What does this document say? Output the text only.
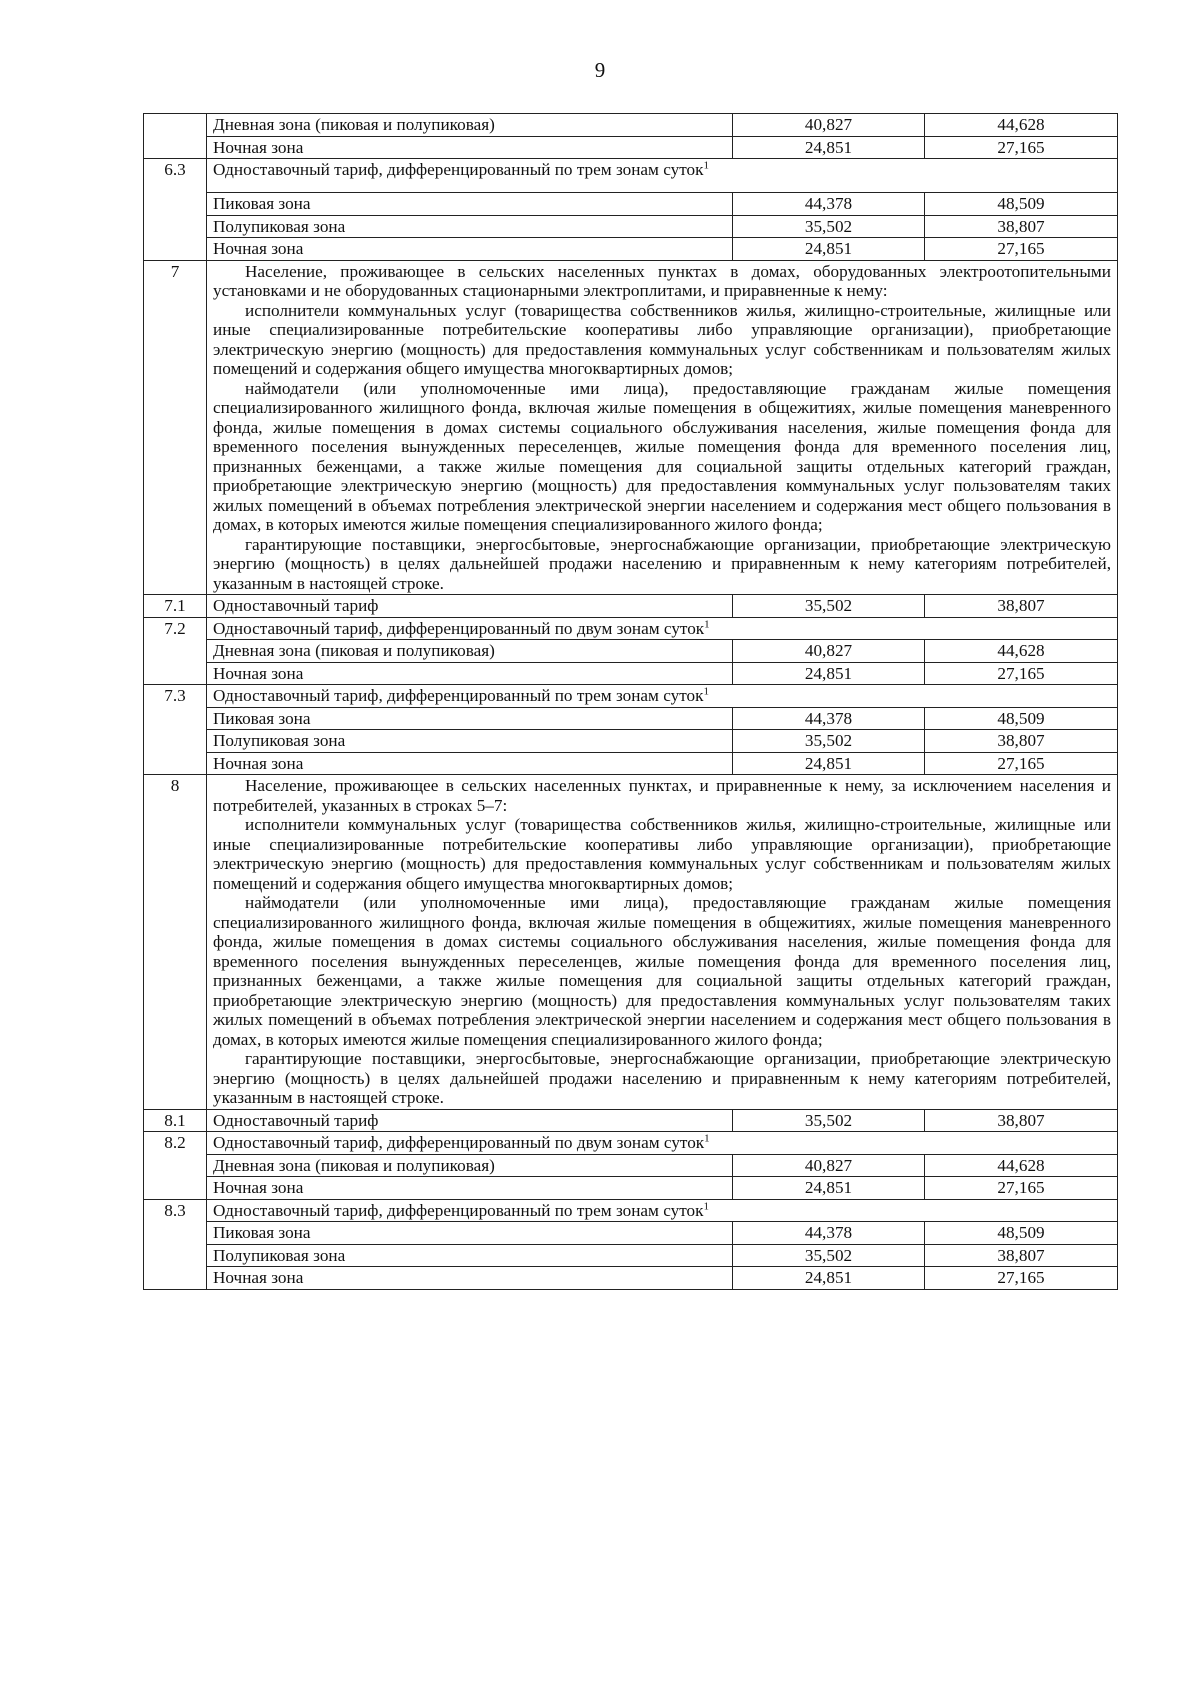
9
	Дневная зона (пиковая и полупиковая)	40,827	44,628
	Ночная зона	24,851	27,165
6.3	Одноставочный тариф, дифференцированный по трем зонам суток$^1$
	Пиковая зона	44,378	48,509
	Полупиковая зона	35,502	38,807
	Ночная зона	24,851	27,165
7	Население, проживающее в сельских населенных пунктах в домах, оборудованных электроотопительными установками и не оборудованных стационарными электроплитами, и приравненные к нему:

исполнители коммунальных услуг (товарищества собственников жилья, жилищно-строительные, жилищные или иные специализированные потребительские кооперативы либо управляющие организации), приобретающие электрическую энергию (мощность) для предоставления коммунальных услуг собственникам и пользователям жилых помещений и содержания общего имущества многоквартирных домов;

наймодатели (или уполномоченные ими лица), предоставляющие гражданам жилые помещения специализированного жилищного фонда, включая жилые помещения в общежитиях, жилые помещения маневренного фонда, жилые помещения в домах системы социального обслуживания населения, жилые помещения фонда для временного поселения вынужденных переселенцев, жилые помещения фонда для временного поселения лиц, признанных беженцами, а также жилые помещения для социальной защиты отдельных категорий граждан, приобретающие электрическую энергию (мощность) для предоставления коммунальных услуг пользователям таких жилых помещений в объемах потребления электрической энергии населением и содержания мест общего пользования в домах, в которых имеются жилые помещения специализированного жилого фонда;

гарантирующие поставщики, энергосбытовые, энергоснабжающие организации, приобретающие электрическую энергию (мощность) в целях дальнейшей продажи населению и приравненным к нему категориям потребителей, указанным в настоящей строке.		

7.1	Одноставочный тариф	35,502	38,807
7.2	Одноставочный тариф, дифференцированный по двум зонам суток$^1$
	Дневная зона (пиковая и полупиковая)	40,827	44,628
	Ночная зона	24,851	27,165
7.3	Одноставочный тариф, дифференцированный по трем зонам суток$^1$
	Пиковая зона	44,378	48,509
	Полупиковая зона	35,502	38,807
	Ночная зона	24,851	27,165
8	Население, проживающее в сельских населенных пунктах, и приравненные к нему, за исключением населения и потребителей, указанных в строках 5–7:

исполнители коммунальных услуг (товарищества собственников жилья, жилищно-строительные, жилищные или иные специализированные потребительские кооперативы либо управляющие организации), приобретающие электрическую энергию (мощность) для предоставления коммунальных услуг собственникам и пользователям жилых помещений и содержания общего имущества многоквартирных домов;

наймодатели (или уполномоченные ими лица), предоставляющие гражданам жилые помещения специализированного жилищного фонда, включая жилые помещения в общежитиях, жилые помещения маневренного фонда, жилые помещения в домах системы социального обслуживания населения, жилые помещения фонда для временного поселения вынужденных переселенцев, жилые помещения фонда для временного поселения лиц, признанных беженцами, а также жилые помещения для социальной защиты отдельных категорий граждан, приобретающие электрическую энергию (мощность) для предоставления коммунальных услуг пользователям таких жилых помещений в объемах потребления электрической энергии населением и содержания мест общего пользования в домах, в которых имеются жилые помещения специализированного жилого фонда;

гарантирующие поставщики, энергосбытовые, энергоснабжающие организации, приобретающие электрическую энергию (мощность) в целях дальнейшей продажи населению и приравненным к нему категориям потребителей, указанным в настоящей строке.		

8.1	Одноставочный тариф	35,502	38,807
8.2	Одноставочный тариф, дифференцированный по двум зонам суток$^1$
	Дневная зона (пиковая и полупиковая)	40,827	44,628
	Ночная зона	24,851	27,165
8.3	Одноставочный тариф, дифференцированный по трем зонам суток$^1$
	Пиковая зона	44,378	48,509
	Полупиковая зона	35,502	38,807
	Ночная зона	24,851	27,165
